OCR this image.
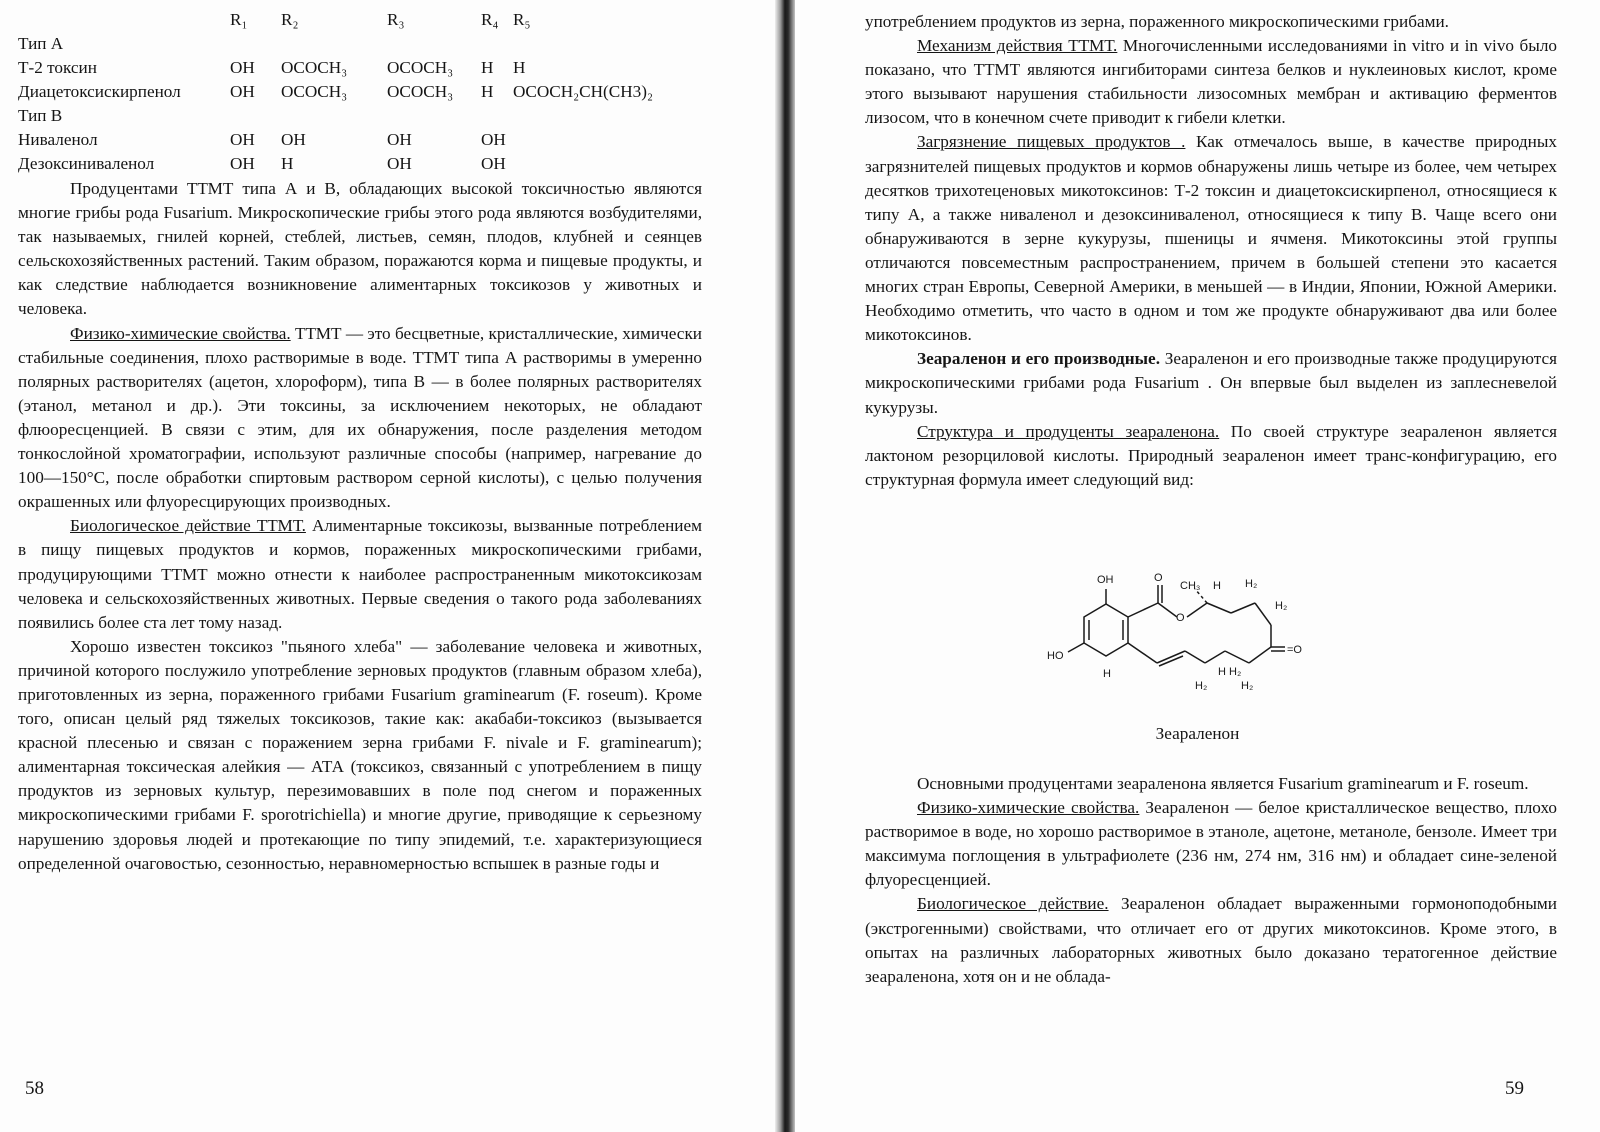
R₁ R₂	R₃	R₄ R₅
Тип А
Т-2 токсин	OH OCOCH₃ OCOCH₃ H H
Диацетоксискирпенол	OH OCOCH₃ OCOCH₃ H OCOCH₂CH(CH3)₂
Тип В
Ниваленол	OH OH	OH	OH
Дезоксиниваленол	OH H	OH	OH

Продуцентами ТТМТ типа А и В, обладающих высокой токсичностью являются многие грибы рода Fusarium. Микроскопические грибы этого рода являются возбудителями, так называемых, гнилей корней, стеблей, листьев, семян, плодов, клубней и сеянцев сельскохозяйственных растений. Таким образом, поражаются корма и пищевые продукты, и как следствие наблюдается возникновение алиментарных токсикозов у животных и человека.

Физико-химические свойства. ТТМТ — это бесцветные, кристаллические, химически стабильные соединения, плохо растворимые в воде. ТТМТ типа А растворимы в умеренно полярных растворителях (ацетон, хлороформ), типа В — в более полярных растворителях (этанол, метанол и др.). Эти токсины, за исключением некоторых, не обладают флюоресценцией. В связи с этим, для их обнаружения, после разделения методом тонкослойной хроматографии, используют различные способы (например, нагревание до 100—150°С, после обработки спиртовым раствором серной кислоты), с целью получения окрашенных или флуоресцирующих производных.

Биологическое действие ТТМТ. Алиментарные токсикозы, вызванные потреблением в пищу пищевых продуктов и кормов, пораженных микроскопическими грибами, продуцирующими ТТМТ можно отнести к наиболее распространенным микотоксикозам человека и сельскохозяйственных животных. Первые сведения о такого рода заболеваниях появились более ста лет тому назад.

Хорошо известен токсикоз "пьяного хлеба" — заболевание человека и животных, причиной которого послужило употребление зерновых продуктов (главным образом хлеба), приготовленных из зерна, пораженного грибами Fusarium graminearum (F. roseum). Кроме того, описан целый ряд тяжелых токсикозов, такие как: акабаби-токсикоз (вызывается красной плесенью и связан с поражением зерна грибами F. nivale и F. graminearum); алиментарная токсическая алейкия — АТА (токсикоз, связанный с употреблением в пищу продуктов из зерновых культур, перезимовавших в поле под снегом и пораженных микроскопическими грибами F. sporotrichiella) и многие другие, приводящие к серьезному нарушению здоровья людей и протекающие по типу эпидемий, т.е. характеризующиеся определенной очаговостью, сезонностью, неравномерностью вспышек в разные годы и

58

употреблением продуктов из зерна, пораженного микроскопическими грибами.

Механизм действия ТТМТ. Многочисленными исследованиями in vitro и in vivo было показано, что ТТМТ являются ингибиторами синтеза белков и нуклеиновых кислот, кроме этого вызывают нарушения стабильности лизосомных мембран и активацию ферментов лизосом, что в конечном счете приводит к гибели клетки.

Загрязнение пищевых продуктов . Как отмечалось выше, в качестве природных загрязнителей пищевых продуктов и кормов обнаружены лишь четыре из более, чем четырех десятков трихотеценовых микотоксинов: Т-2 токсин и диацетоксискирпенол, относящиеся к типу А, а также ниваленол и дезоксиниваленол, относящиеся к типу В. Чаще всего они обнаруживаются в зерне кукурузы, пшеницы и ячменя. Микотоксины этой группы отличаются повсеместным распространением, причем в большей степени это касается многих стран Европы, Северной Америки, в меньшей — в Индии, Японии, Южной Америки. Необходимо отметить, что часто в одном и том же продукте обнаруживают два или более микотоксинов.

Зеараленон и его производные. Зеараленон и его производные также продуцируются микроскопическими грибами рода Fusarium . Он впервые был выделен из заплесневелой кукурузы.

Структура и продуценты зеараленона. По своей структуре зеараленон является лактоном резорциловой кислоты. Природный зеараленон имеет транс-конфигурацию, его структурная формула имеет следующий вид:

OH	O
CH₃ H H₂
H₂
O
=O
HO
H	H
H₂
H₂
H₂
Зеараленон

Основными продуцентами зеараленона является Fusarium graminearum и F. roseum.

Физико-химические свойства. Зеараленон — белое кристаллическое вещество, плохо растворимое в воде, но хорошо растворимое в этаноле, ацетоне, метаноле, бензоле. Имеет три максимума поглощения в ультрафиолете (236 нм, 274 нм, 316 нм) и обладает сине-зеленой флуоресценцией.

Биологическое действие. Зеараленон обладает выраженными гормоноподобными (экстрогенными) свойствами, что отличает его от других микотоксинов. Кроме этого, в опытах на различных лабораторных животных было доказано тератогенное действие зеараленона, хотя он и не облада-

59
